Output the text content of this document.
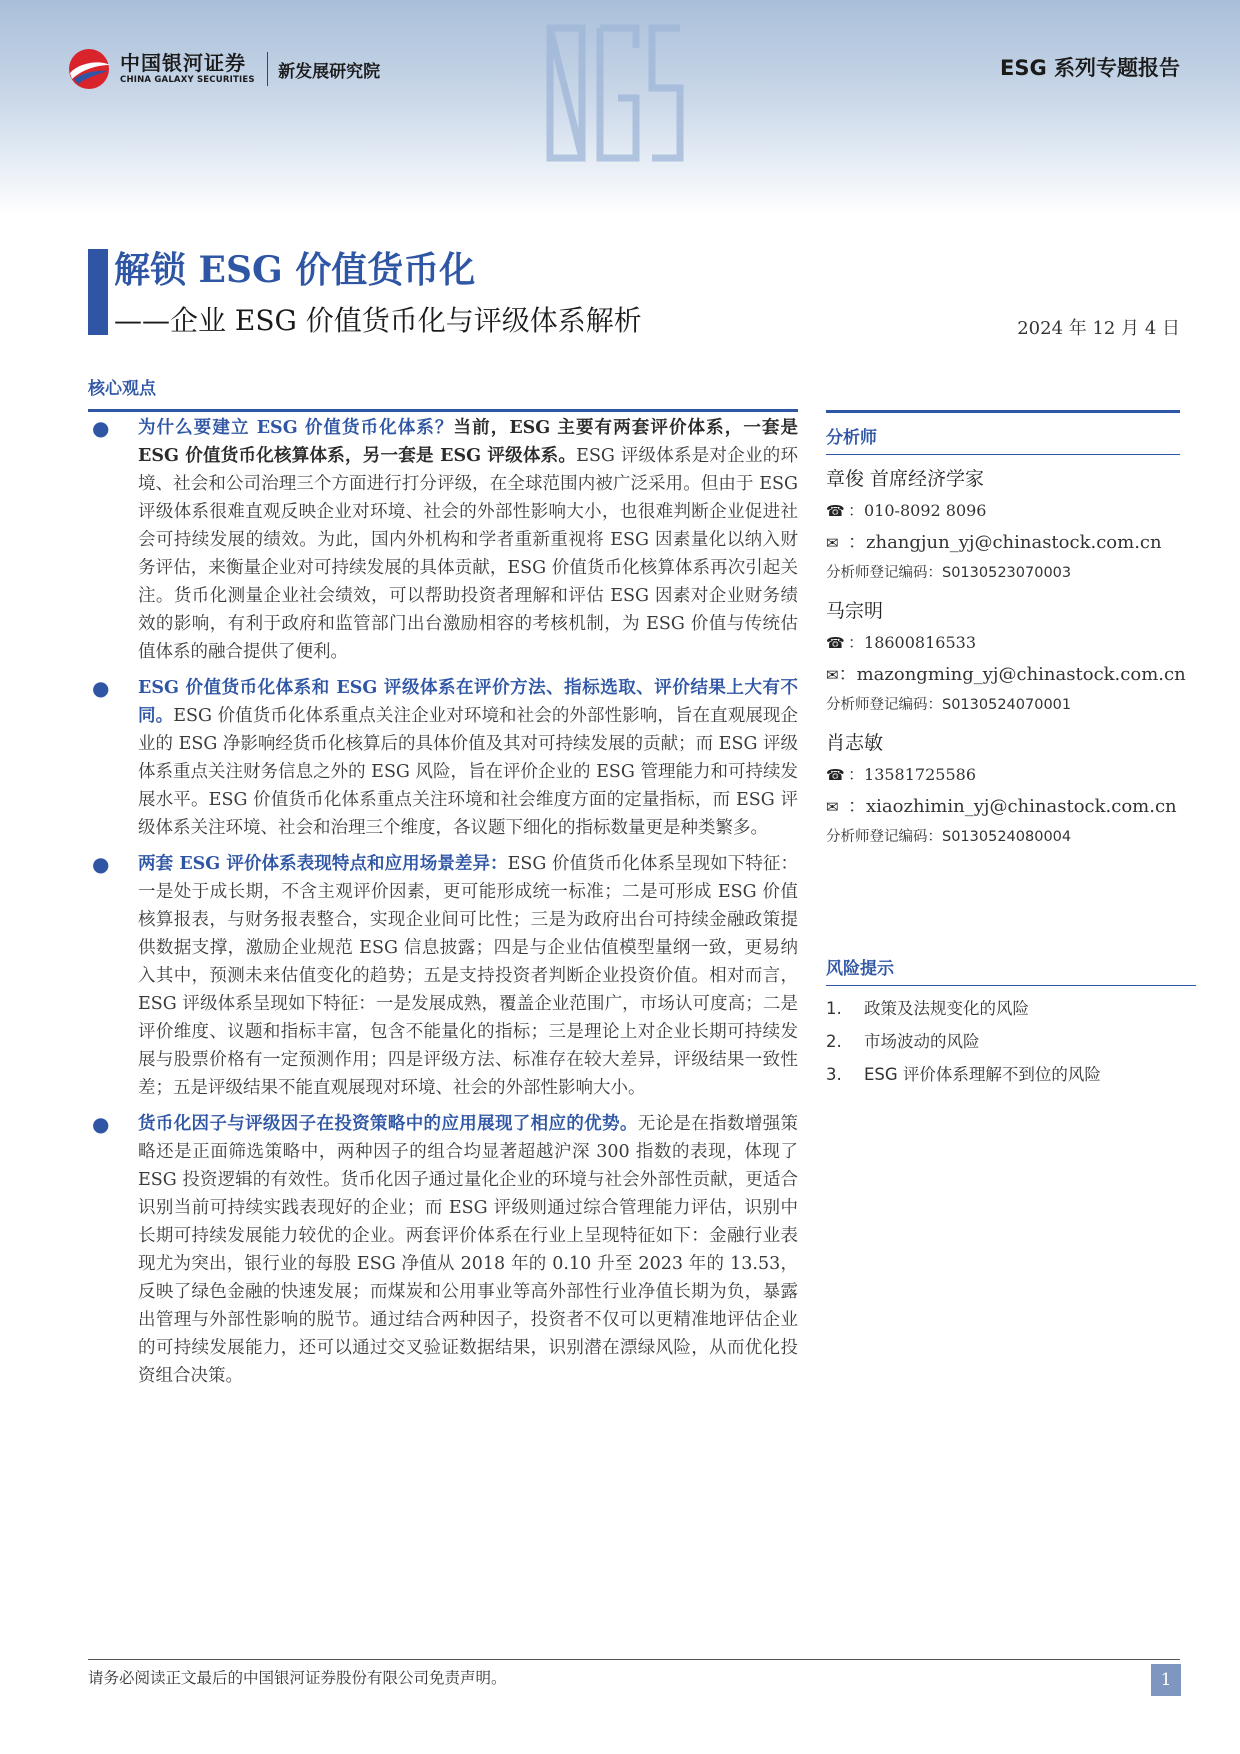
中国银河证券
CHINA GALAXY SECURITIES 新发展研究院	ESG 系列专题报告
解锁 ESG 价值货币化
——企业 ESG 价值货币化与评级体系解析	2024 年 12 月 4 日
核心观点
●	为什么要建立 ESG 价值货币化体系？当前，ESG 主要有两套评价体系，一套是 ESG 价值货币化核算体系，另一套是 ESG 评级体系。ESG 评级体系是对企业的环境、社会和公司治理三个方面进行打分评级，在全球范围内被广泛采用。但由于 ESG 评级体系很难直观反映企业对环境、社会的外部性影响大小，也很难判断企业促进社会可持续发展的绩效。为此，国内外机构和学者重新重视将 ESG 因素量化以纳入财务评估，来衡量企业对可持续发展的具体贡献，ESG 价值货币化核算体系再次引起关注。货币化测量企业社会绩效，可以帮助投资者理解和评估 ESG 因素对企业财务绩效的影响，有利于政府和监管部门出台激励相容的考核机制，为 ESG 价值与传统估值体系的融合提供了便利。
●	ESG 价值货币化体系和 ESG 评级体系在评价方法、指标选取、评价结果上大有不同。ESG 价值货币化体系重点关注企业对环境和社会的外部性影响，旨在直观展现企业的 ESG 净影响经货币化核算后的具体价值及其对可持续发展的贡献；而 ESG 评级体系重点关注财务信息之外的 ESG 风险，旨在评价企业的 ESG 管理能力和可持续发展水平。ESG 价值货币化体系重点关注环境和社会维度方面的定量指标，而 ESG 评级体系关注环境、社会和治理三个维度，各议题下细化的指标数量更是种类繁多。
●	两套 ESG 评价体系表现特点和应用场景差异：ESG 价值货币化体系呈现如下特征：一是处于成长期，不含主观评价因素，更可能形成统一标准；二是可形成 ESG 价值核算报表，与财务报表整合，实现企业间可比性；三是为政府出台可持续金融政策提供数据支撑，激励企业规范 ESG 信息披露；四是与企业估值模型量纲一致，更易纳入其中，预测未来估值变化的趋势；五是支持投资者判断企业投资价值。相对而言，ESG 评级体系呈现如下特征：一是发展成熟，覆盖企业范围广，市场认可度高；二是评价维度、议题和指标丰富，包含不能量化的指标；三是理论上对企业长期可持续发展与股票价格有一定预测作用；四是评级方法、标准存在较大差异，评级结果一致性差；五是评级结果不能直观展现对环境、社会的外部性影响大小。
●	货币化因子与评级因子在投资策略中的应用展现了相应的优势。无论是在指数增强策略还是正面筛选策略中，两种因子的组合均显著超越沪深 300 指数的表现，体现了 ESG 投资逻辑的有效性。货币化因子通过量化企业的环境与社会外部性贡献，更适合识别当前可持续实践表现好的企业；而 ESG 评级则通过综合管理能力评估，识别中长期可持续发展能力较优的企业。两套评价体系在行业上呈现特征如下：金融行业表现尤为突出，银行业的每股 ESG 净值从 2018 年的 0.10 升至 2023 年的 13.53，反映了绿色金融的快速发展；而煤炭和公用事业等高外部性行业净值长期为负，暴露出管理与外部性影响的脱节。通过结合两种因子，投资者不仅可以更精准地评估企业的可持续发展能力，还可以通过交叉验证数据结果，识别潜在漂绿风险，从而优化投资组合决策。
分析师
章俊 首席经济学家
☎ ： 010-8092 8096
✉ ： zhangjun_yj@chinastock.com.cn
分析师登记编码：S0130523070003
马宗明
☎ ： 18600816533
✉ ： mazongming_yj@chinastock.com.cn
分析师登记编码：S0130524070001
肖志敏
☎ ： 13581725586
✉ ： xiaozhimin_yj@chinastock.com.cn
分析师登记编码：S0130524080004
风险提示
1.	政策及法规变化的风险
2.	市场波动的风险
3.	ESG 评价体系理解不到位的风险
请务必阅读正文最后的中国银河证券股份有限公司免责声明。	1
